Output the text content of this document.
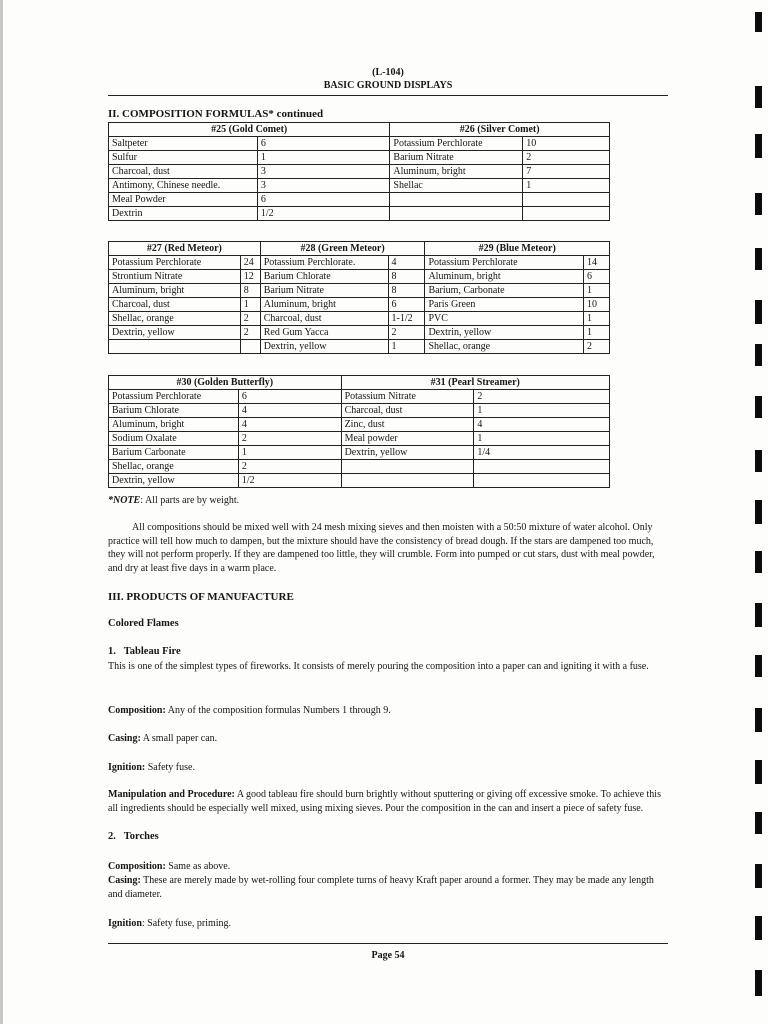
(L-104)
BASIC GROUND DISPLAYS
II. COMPOSITION FORMULAS* continued
#25 (Gold Comet)		#26 (Silver Comet)	
Saltpeter	6	Potassium Perchlorate	10
Sulfur	1	Barium Nitrate	2
Charcoal, dust	3	Aluminum, bright	7
Antimony, Chinese needle.	3	Shellac	1
Meal Powder	6		
Dextrin	1/2		
#27 (Red Meteor)		#28 (Green Meteor)		#29 (Blue Meteor)	
Potassium Perchlorate	24	Potassium Perchlorate.	4	Potassium Perchlorate	14
Strontium Nitrate	12	Barium Chlorate	8	Aluminum, bright	6
Aluminum, bright	8	Barium Nitrate	8	Barium, Carbonate	1
Charcoal, dust	1	Aluminum, bright	6	Paris Green	10
Shellac, orange	2	Charcoal, dust	1-1/2	PVC	1
Dextrin, yellow	2	Red Gum Yacca	2	Dextrin, yellow	1
		Dextrin, yellow	1	Shellac, orange	2
#30 (Golden Butterfly)		#31 (Pearl Streamer)	
Potassium Perchlorate	6	Potassium Nitrate	2
Barium Chlorate	4	Charcoal, dust	1
Aluminum, bright	4	Zinc, dust	4
Sodium Oxalate	2	Meal powder	1
Barium Carbonate	1	Dextrin, yellow	1/4
Shellac, orange	2		
Dextrin, yellow	1/2		
*NOTE: All parts are by weight.
All compositions should be mixed well with 24 mesh mixing sieves and then moisten with a 50:50 mixture of water alcohol. Only practice will tell how much to dampen, but the mixture should have the consistency of bread dough. If the stars are dampened too much, they will not perform properly. If they are dampened too little, they will crumble. Form into pumped or cut stars, dust with meal powder, and dry at least five days in a warm place.
III. PRODUCTS OF MANUFACTURE
Colored Flames
1.   Tableau Fire
This is one of the simplest types of fireworks. It consists of merely pouring the composition into a paper can and igniting it with a fuse.
Composition: Any of the composition formulas Numbers 1 through 9.
Casing: A small paper can.
Ignition: Safety fuse.
Manipulation and Procedure: A good tableau fire should burn brightly without sputtering or giving off excessive smoke. To achieve this all ingredients should be especially well mixed, using mixing sieves. Pour the composition in the can and insert a piece of safety fuse.
2.   Torches
Composition: Same as above.
Casing: These are merely made by wet-rolling four complete turns of heavy Kraft paper around a former. They may be made any length and diameter.
Ignition: Safety fuse, priming.
Page 54
